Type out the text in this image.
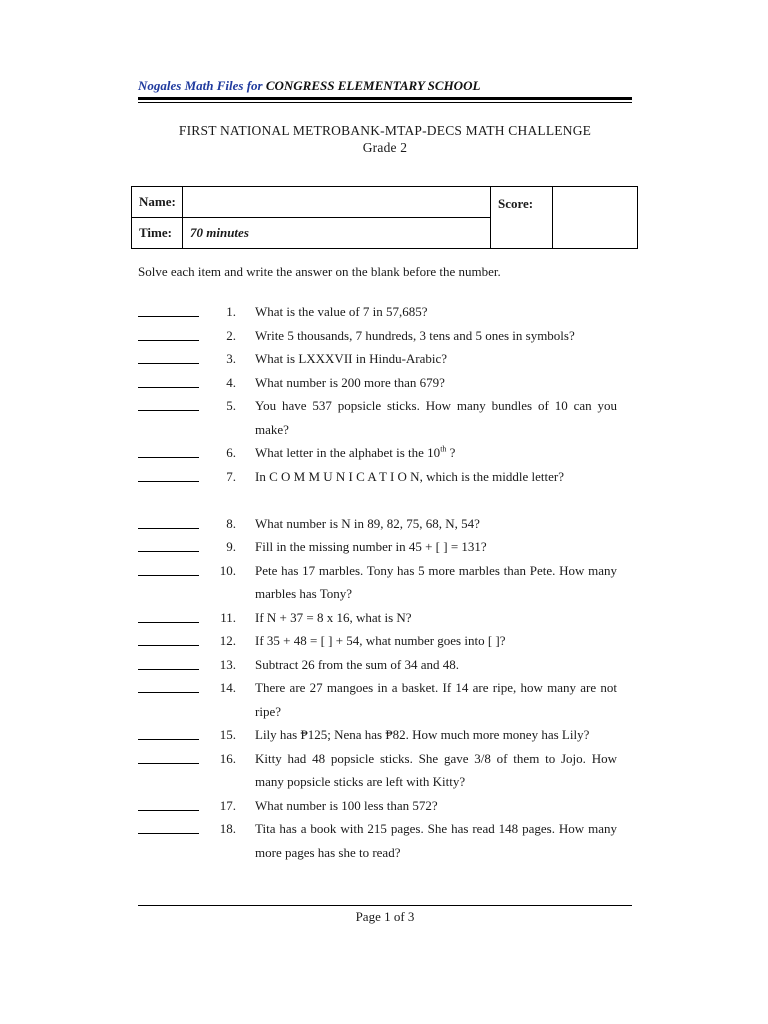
Nogales Math Files for CONGRESS ELEMENTARY SCHOOL
FIRST NATIONAL METROBANK-MTAP-DECS MATH CHALLENGE
Grade 2
Name:		Score:	
Time:	70 minutes		
Solve each item and write the answer on the blank before the number.
1. What is the value of 7 in 57,685?
2. Write 5 thousands, 7 hundreds, 3 tens and 5 ones in symbols?
3. What is LXXXVII in Hindu-Arabic?
4. What number is 200 more than 679?
5. You have 537 popsicle sticks. How many bundles of 10 can you make?
6. What letter in the alphabet is the 10th ?
7. In C O M M U N I C A T I O N, which is the middle letter?
8. What number is N in 89, 82, 75, 68, N, 54?
9. Fill in the missing number in 45 + [ ] = 131?
10. Pete has 17 marbles. Tony has 5 more marbles than Pete. How many marbles has Tony?
11. If N + 37 = 8 x 16, what is N?
12. If 35 + 48 = [ ] + 54, what number goes into [ ]?
13. Subtract 26 from the sum of 34 and 48.
14. There are 27 mangoes in a basket. If 14 are ripe, how many are not ripe?
15. Lily has ₱125; Nena has ₱82. How much more money has Lily?
16. Kitty had 48 popsicle sticks. She gave 3/8 of them to Jojo. How many popsicle sticks are left with Kitty?
17. What number is 100 less than 572?
18. Tita has a book with 215 pages. She has read 148 pages. How many more pages has she to read?
Page 1 of 3
